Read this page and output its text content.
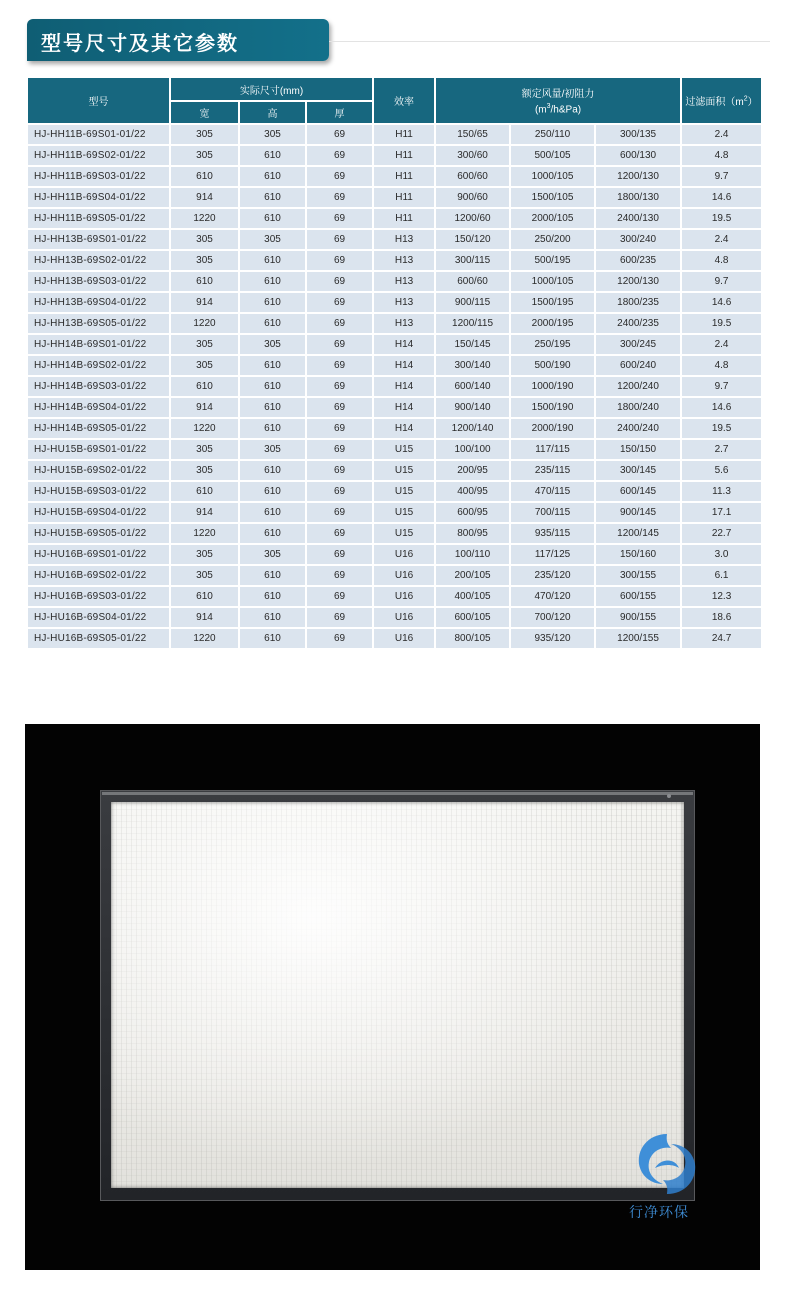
型号尺寸及其它参数
型号	实际尺寸(mm)			效率	额定风量/初阻力
$(m^3/h\&Pa)$			过滤面积$(m^2)$
	宽	高	厚					
HJ-HH11B-69S01-01/22	305	305	69	H11	150/65	250/110	300/135	2.4
HJ-HH11B-69S02-01/22	305	610	69	H11	300/60	500/105	600/130	4.8
HJ-HH11B-69S03-01/22	610	610	69	H11	600/60	1000/105	1200/130	9.7
HJ-HH11B-69S04-01/22	914	610	69	H11	900/60	1500/105	1800/130	14.6
HJ-HH11B-69S05-01/22	1220	610	69	H11	1200/60	2000/105	2400/130	19.5
HJ-HH13B-69S01-01/22	305	305	69	H13	150/120	250/200	300/240	2.4
HJ-HH13B-69S02-01/22	305	610	69	H13	300/115	500/195	600/235	4.8
HJ-HH13B-69S03-01/22	610	610	69	H13	600/60	1000/105	1200/130	9.7
HJ-HH13B-69S04-01/22	914	610	69	H13	900/115	1500/195	1800/235	14.6
HJ-HH13B-69S05-01/22	1220	610	69	H13	1200/115	2000/195	2400/235	19.5
HJ-HH14B-69S01-01/22	305	305	69	H14	150/145	250/195	300/245	2.4
HJ-HH14B-69S02-01/22	305	610	69	H14	300/140	500/190	600/240	4.8
HJ-HH14B-69S03-01/22	610	610	69	H14	600/140	1000/190	1200/240	9.7
HJ-HH14B-69S04-01/22	914	610	69	H14	900/140	1500/190	1800/240	14.6
HJ-HH14B-69S05-01/22	1220	610	69	H14	1200/140	2000/190	2400/240	19.5
HJ-HU15B-69S01-01/22	305	305	69	U15	100/100	117/115	150/150	2.7
HJ-HU15B-69S02-01/22	305	610	69	U15	200/95	235/115	300/145	5.6
HJ-HU15B-69S03-01/22	610	610	69	U15	400/95	470/115	600/145	11.3
HJ-HU15B-69S04-01/22	914	610	69	U15	600/95	700/115	900/145	17.1
HJ-HU15B-69S05-01/22	1220	610	69	U15	800/95	935/115	1200/145	22.7
HJ-HU16B-69S01-01/22	305	305	69	U16	100/110	117/125	150/160	3.0
HJ-HU16B-69S02-01/22	305	610	69	U16	200/105	235/120	300/155	6.1
HJ-HU16B-69S03-01/22	610	610	69	U16	400/105	470/120	600/155	12.3
HJ-HU16B-69S04-01/22	914	610	69	U16	600/105	700/120	900/155	18.6
HJ-HU16B-69S05-01/22	1220	610	69	U16	800/105	935/120	1200/155	24.7
行净环保
